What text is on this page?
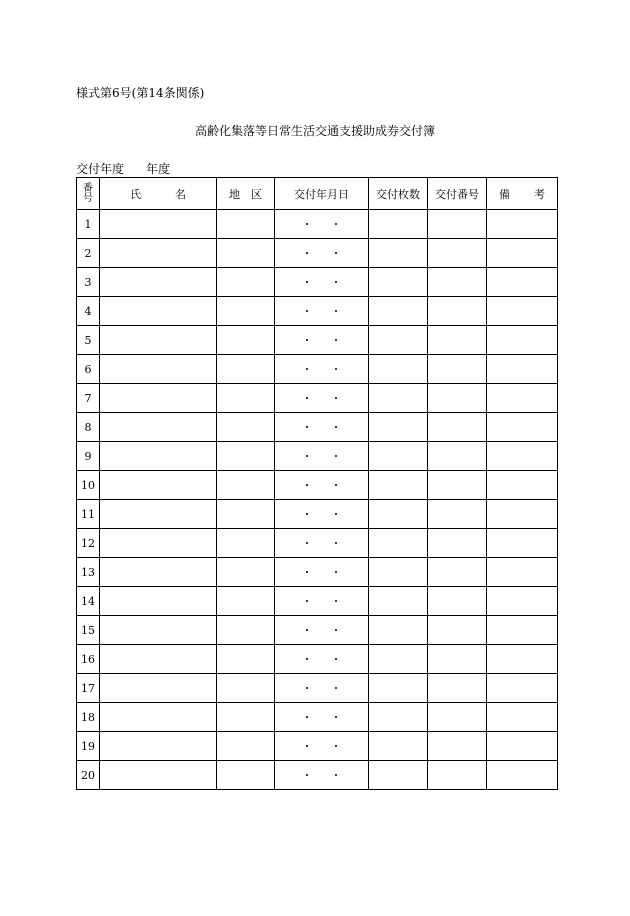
様式第6号(第14条関係)
高齢化集落等日常生活交通支援助成券交付簿
交付年度 年度
番
号	氏 名	地 区	交付年月日	交付枚数	交付番号	備 考

1			・ ・			

2			・ ・			

3			・ ・			

4			・ ・			

5			・ ・			

6			・ ・			

7			・ ・			

8			・ ・			

9			・ ・			

10			・ ・			

11			・ ・			

12			・ ・			

13			・ ・			

14			・ ・			

15			・ ・			

16			・ ・			

17			・ ・			

18			・ ・			

19			・ ・			

20			・ ・			
